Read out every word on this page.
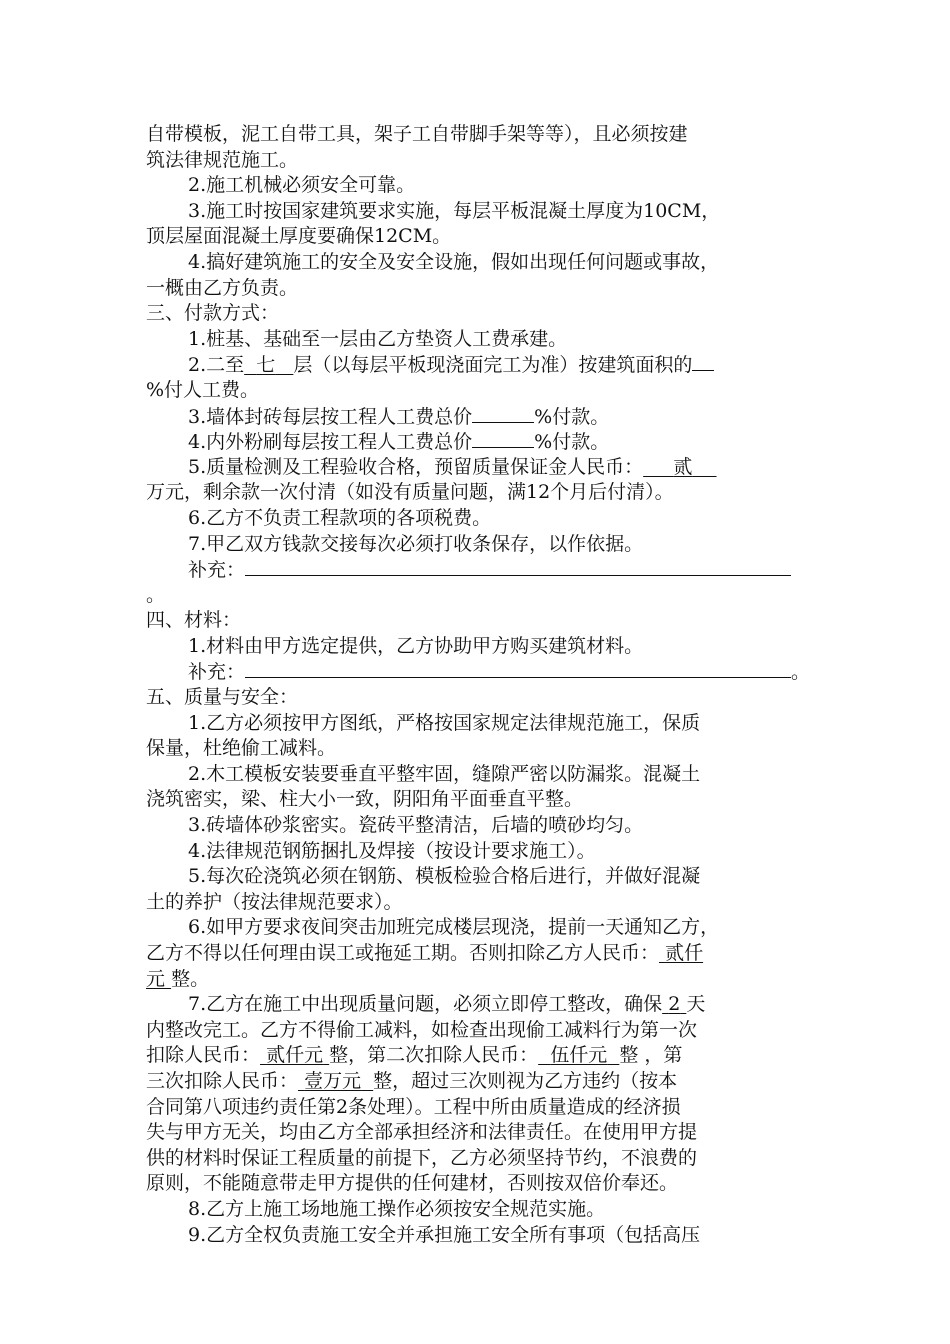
自带模板，泥工自带工具，架子工自带脚手架等等），且必须按建
筑法律规范施工。
2.施工机械必须安全可靠。
3.施工时按国家建筑要求实施，每层平板混凝土厚度为10CM，
顶层屋面混凝土厚度要确保12CM。
4.搞好建筑施工的安全及安全设施，假如出现任何问题或事故，
一概由乙方负责。
三、付款方式：
1.桩基、基础至一层由乙方垫资人工费承建。
2.二至 七 层（以每层平板现浇面完工为准）按建筑面积的
%付人工费。
3.墙体封砖每层按工程人工费总价	%付款。
4.内外粉刷每层按工程人工费总价	%付款。
5.质量检测及工程验收合格，预留质量保证金人民币： 贰
万元，剩余款一次付清（如没有质量问题，满12个月后付清）。
6.乙方不负责工程款项的各项税费。
7.甲乙双方钱款交接每次必须打收条保存，以作依据。
补充：
。
四、材料：
1.材料由甲方选定提供，乙方协助甲方购买建筑材料。
补充：	。
五、质量与安全：
1.乙方必须按甲方图纸，严格按国家规定法律规范施工，保质
保量，杜绝偷工减料。
2.木工模板安装要垂直平整牢固，缝隙严密以防漏浆。混凝土
浇筑密实，梁、柱大小一致，阴阳角平面垂直平整。
3.砖墙体砂浆密实。瓷砖平整清洁，后墙的喷砂均匀。
4.法律规范钢筋捆扎及焊接（按设计要求施工）。
5.每次砼浇筑必须在钢筋、模板检验合格后进行，并做好混凝
土的养护（按法律规范要求）。
6.如甲方要求夜间突击加班完成楼层现浇，提前一天通知乙方，
乙方不得以任何理由误工或拖延工期。否则扣除乙方人民币： 贰仟
元 整。
7.乙方在施工中出现质量问题，必须立即停工整改，确保 2 天
内整改完工。乙方不得偷工减料，如检查出现偷工减料行为第一次
扣除人民币： 贰仟元 整，第二次扣除人民币： 伍仟元 整 ，第
三次扣除人民币： 壹万元 整，超过三次则视为乙方违约（按本
合同第八项违约责任第2条处理）。工程中所由质量造成的经济损
失与甲方无关，均由乙方全部承担经济和法律责任。在使用甲方提
供的材料时保证工程质量的前提下，乙方必须坚持节约，不浪费的
原则，不能随意带走甲方提供的任何建材，否则按双倍价奉还。
8.乙方上施工场地施工操作必须按安全规范实施。
9.乙方全权负责施工安全并承担施工安全所有事项（包括高压
